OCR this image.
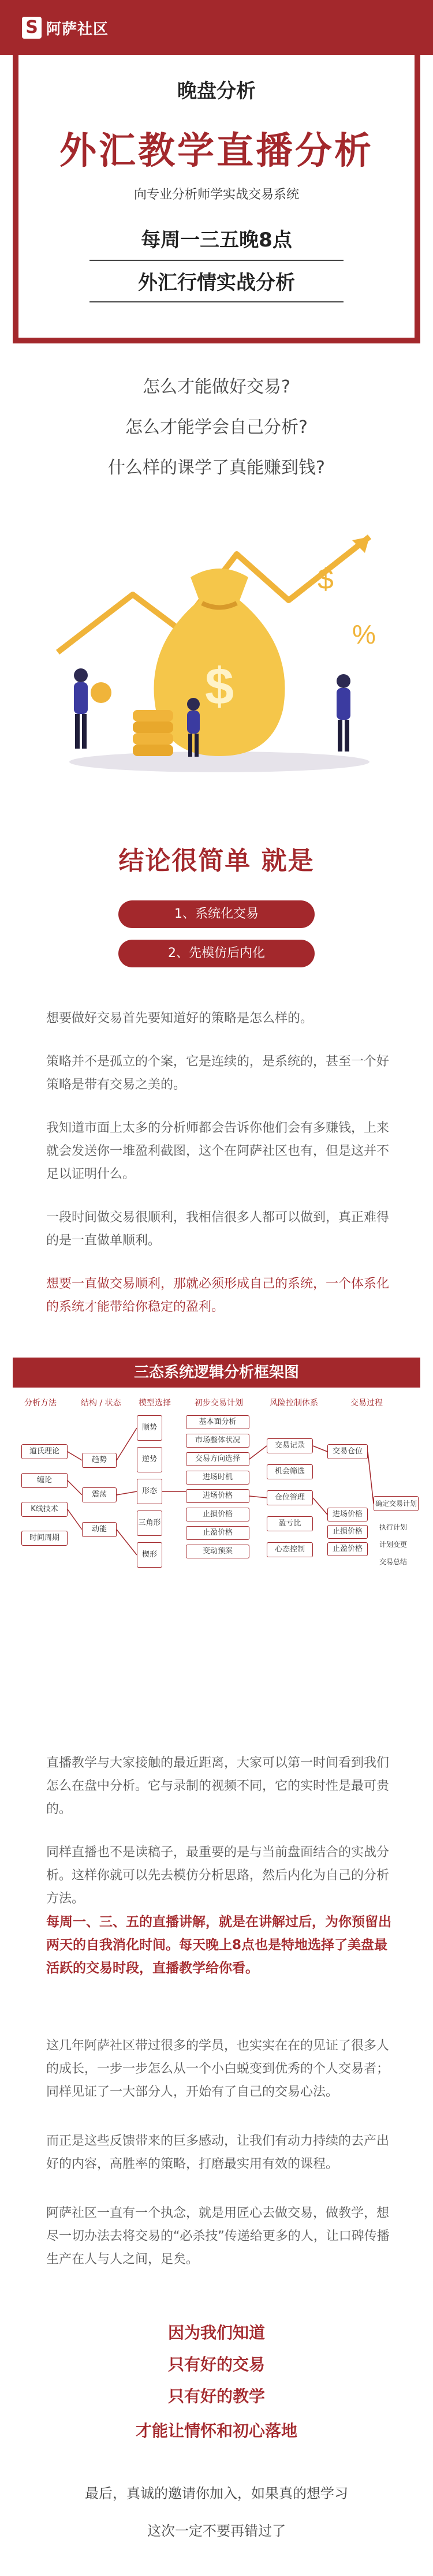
S 阿萨社区
晚盘分析
外汇教学直播分析
向专业分析师学实战交易系统
每周一三五晚8点
外汇行情实战分析
怎么才能做好交易?
怎么才能学会自己分析?
什么样的课学了真能赚到钱?
$
$
%
结论很简单 就是
1、系统化交易
2、先模仿后内化
想要做好交易首先要知道好的策略是怎么样的。
策略并不是孤立的个案，它是连续的，是系统的，甚至一个好策略是带有交易之美的。
我知道市面上太多的分析师都会告诉你他们会有多赚钱，上来就会发送你一堆盈利截图，这个在阿萨社区也有，但是这并不足以证明什么。
一段时间做交易很顺利，我相信很多人都可以做到，真正难得的是一直做单顺利。
想要一直做交易顺利，那就必须形成自己的系统，一个体系化的系统才能带给你稳定的盈利。
三态系统逻辑分析框架图
分析方法	结构 / 状态 模型选择	初步交易计划	风险控制体系	交易过程
道氏理论
缠论
K线技术
时间周期
趋势
震荡
动能
顺势
逆势
形态
三角形
楔形
基本面分析
市场整体状况
交易方向选择
进场时机
进场价格
止损价格
止盈价格
变动预案
交易记录
机会筛选
仓位管理
盈亏比
心态控制
交易仓位
进场价格
止损价格
止盈价格
确定交易计划
执行计划
计划变更
交易总结
直播教学与大家接触的最近距离，大家可以第一时间看到我们怎么在盘中分析。它与录制的视频不同，它的实时性是最可贵的。
同样直播也不是读稿子，最重要的是与当前盘面结合的实战分析。这样你就可以先去模仿分析思路，然后内化为自己的分析方法。
每周一、三、五的直播讲解，就是在讲解过后，为你预留出两天的自我消化时间。每天晚上8点也是特地选择了美盘最活跃的交易时段，直播教学给你看。
这几年阿萨社区带过很多的学员，也实实在在的见证了很多人的成长，一步一步怎么从一个小白蜕变到优秀的个人交易者；同样见证了一大部分人，开始有了自己的交易心法。
而正是这些反馈带来的巨多感动，让我们有动力持续的去产出好的内容，高胜率的策略，打磨最实用有效的课程。
阿萨社区一直有一个执念，就是用匠心去做交易，做教学，想尽一切办法去将交易的“必杀技”传递给更多的人，让口碑传播生产在人与人之间，足矣。
因为我们知道
只有好的交易
只有好的教学
才能让情怀和初心落地
最后，真诚的邀请你加入，如果真的想学习
这次一定不要再错过了
